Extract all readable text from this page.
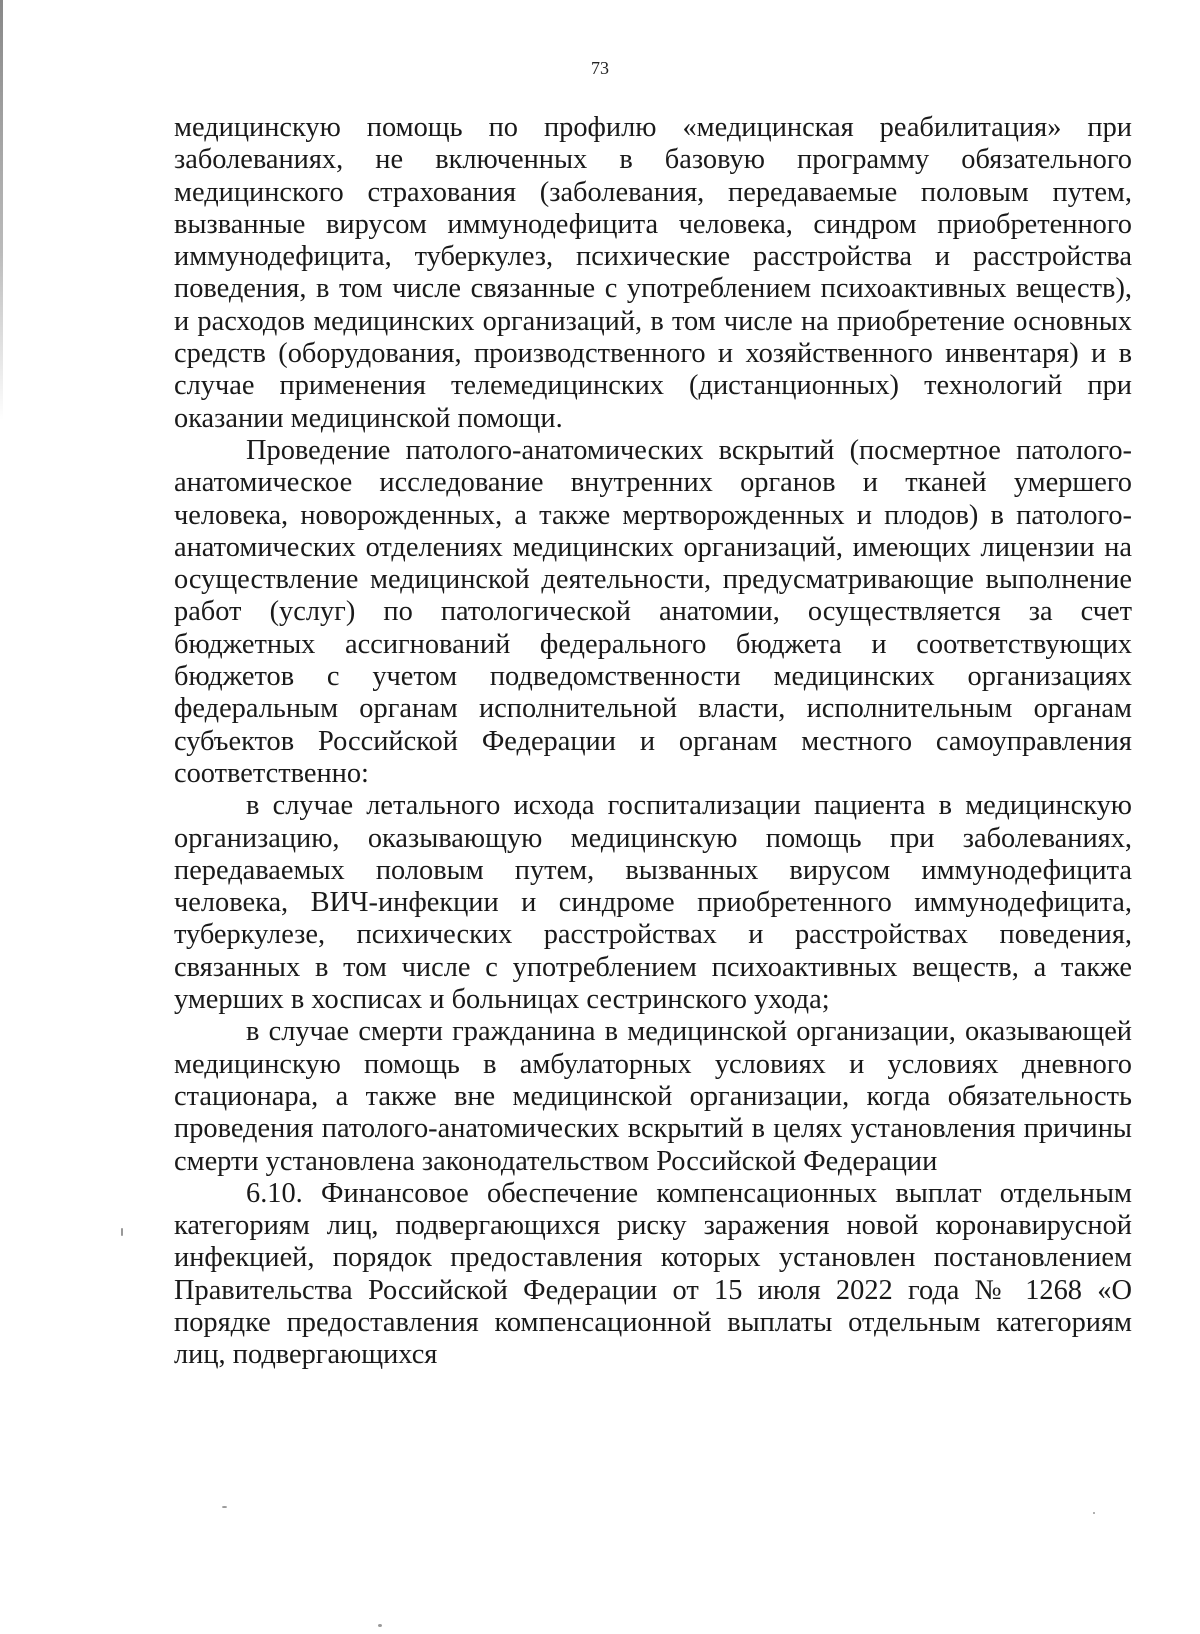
73

медицинскую помощь по профилю «медицинская реабилитация» при заболеваниях, не включенных в базовую программу обязательного медицинского страхования (заболевания, передаваемые половым путем, вызванные вирусом иммунодефицита человека, синдром приобретенного иммунодефицита, туберкулез, психические расстройства и расстройства поведения, в том числе связанные с употреблением психоактивных веществ), и расходов медицинских организаций, в том числе на приобретение основных средств (оборудования, производственного и хозяйственного инвентаря) и в случае применения телемедицинских (дистанционных) технологий при оказании медицинской помощи.

Проведение патолого-анатомических вскрытий (посмертное патолого-анатомическое исследование внутренних органов и тканей умершего человека, новорожденных, а также мертворожденных и плодов) в патолого-анатомических отделениях медицинских организаций, имеющих лицензии на осуществление медицинской деятельности, предусматривающие выполнение работ (услуг) по патологической анатомии, осуществляется за счет бюджетных ассигнований федерального бюджета и соответствующих бюджетов с учетом подведомственности медицинских организациях федеральным органам исполнительной власти, исполнительным органам субъектов Российской Федерации и органам местного самоуправления соответственно:

в случае летального исхода госпитализации пациента в медицинскую организацию, оказывающую медицинскую помощь при заболеваниях, передаваемых половым путем, вызванных вирусом иммунодефицита человека, ВИЧ-инфекции и синдроме приобретенного иммунодефицита, туберкулезе, психических расстройствах и расстройствах поведения, связанных в том числе с употреблением психоактивных веществ, а также умерших в хосписах и больницах сестринского ухода;

в случае смерти гражданина в медицинской организации, оказывающей медицинскую помощь в амбулаторных условиях и условиях дневного стационара, а также вне медицинской организации, когда обязательность проведения патолого-анатомических вскрытий в целях установления причины смерти установлена законодательством Российской Федерации

6.10. Финансовое обеспечение компенсационных выплат отдельным категориям лиц, подвергающихся риску заражения новой коронавирусной инфекцией, порядок предоставления которых установлен постановлением Правительства Российской Федерации от 15 июля 2022 года № 1268 «О порядке предоставления компенсационной выплаты отдельным категориям лиц, подвергающихся
